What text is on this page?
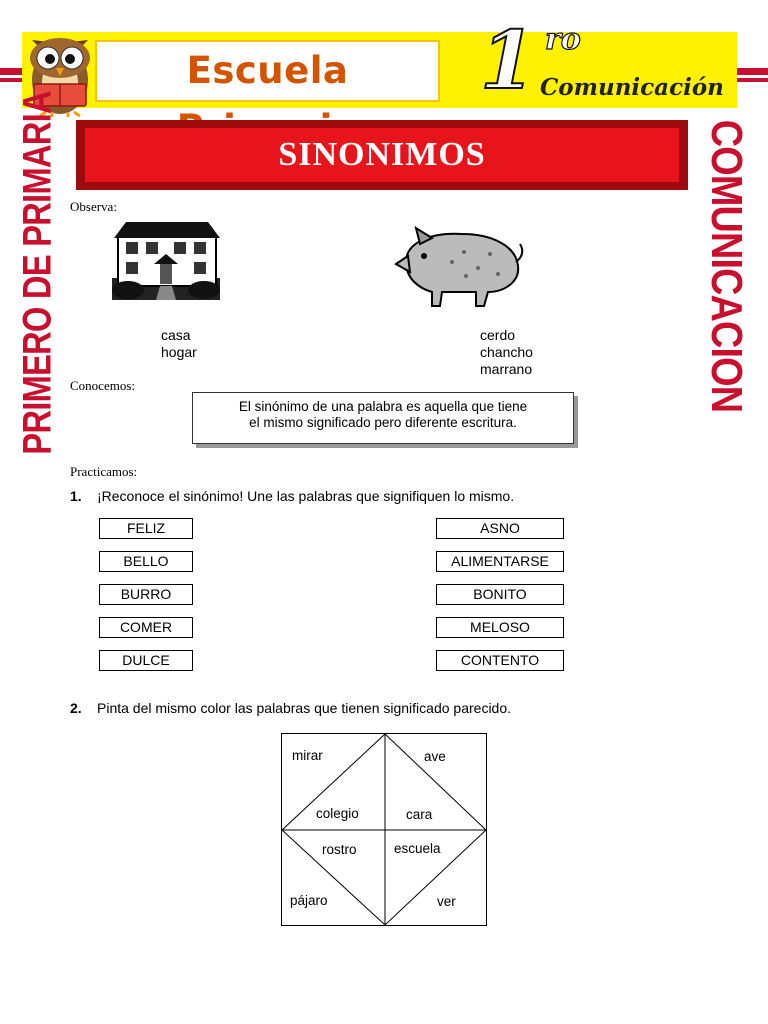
Escuela	1 ro
Comunicación
PRIMERO DE PRIMARIA	COMUNICACION
SINONIMOS
Observa:
casa
hogar
cerdo
chancho
marrano
Conocemos:
El sinónimo de una palabra es aquella que tiene
el mismo significado pero diferente escritura.
Practicamos:
1. ¡Reconoce el sinónimo! Une las palabras que signifiquen lo mismo.
FELIZ
BELLO
BURRO
COMER
DULCE
ASNO
ALIMENTARSE
BONITO
MELOSO
CONTENTO
2. Pinta del mismo color las palabras que tienen significado parecido.
mirar	ave
colegio	cara
rostro	escuela
pájaro	ver
